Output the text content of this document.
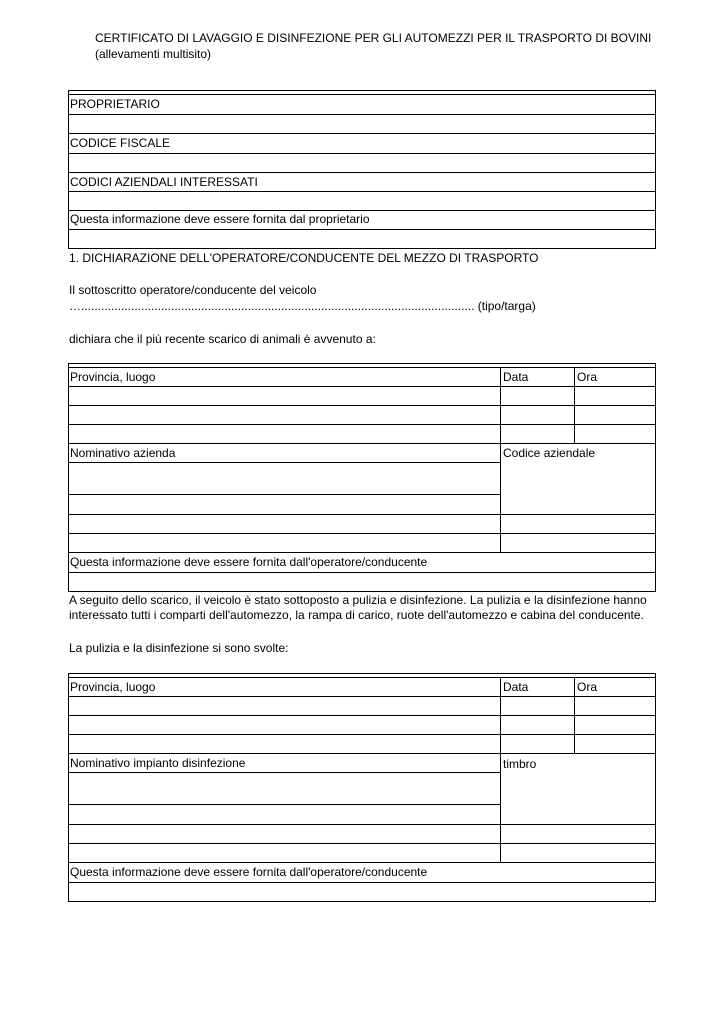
CERTIFICATO DI LAVAGGIO E DISINFEZIONE PER GLI AUTOMEZZI PER IL TRASPORTO DI BOVINI
(allevamenti multisito)
PROPRIETARIO
CODICE FISCALE
CODICI AZIENDALI INTERESSATI
Questa informazione deve essere fornita dal proprietario
1. DICHIARAZIONE DELL'OPERATORE/CONDUCENTE DEL MEZZO DI TRASPORTO
Il sottoscritto operatore/conducente del veicolo
…...................................................................................................................... (tipo/targa)
dichiara che il più recente scarico di animali è avvenuto a:
Provincia, luogo	Data	Ora
Nominativo azienda	Codice aziendale
Questa informazione deve essere fornita dall'operatore/conducente
A seguito dello scarico, il veicolo è stato sottoposto a pulizia e disinfezione. La pulizia e la disinfezione hanno
interessato tutti i comparti dell'automezzo, la rampa di carico, ruote dell'automezzo e cabina del conducente.
La pulizia e la disinfezione si sono svolte:
Provincia, luogo	Data	Ora
Nominativo impianto disinfezione	timbro
Questa informazione deve essere fornita dall'operatore/conducente
